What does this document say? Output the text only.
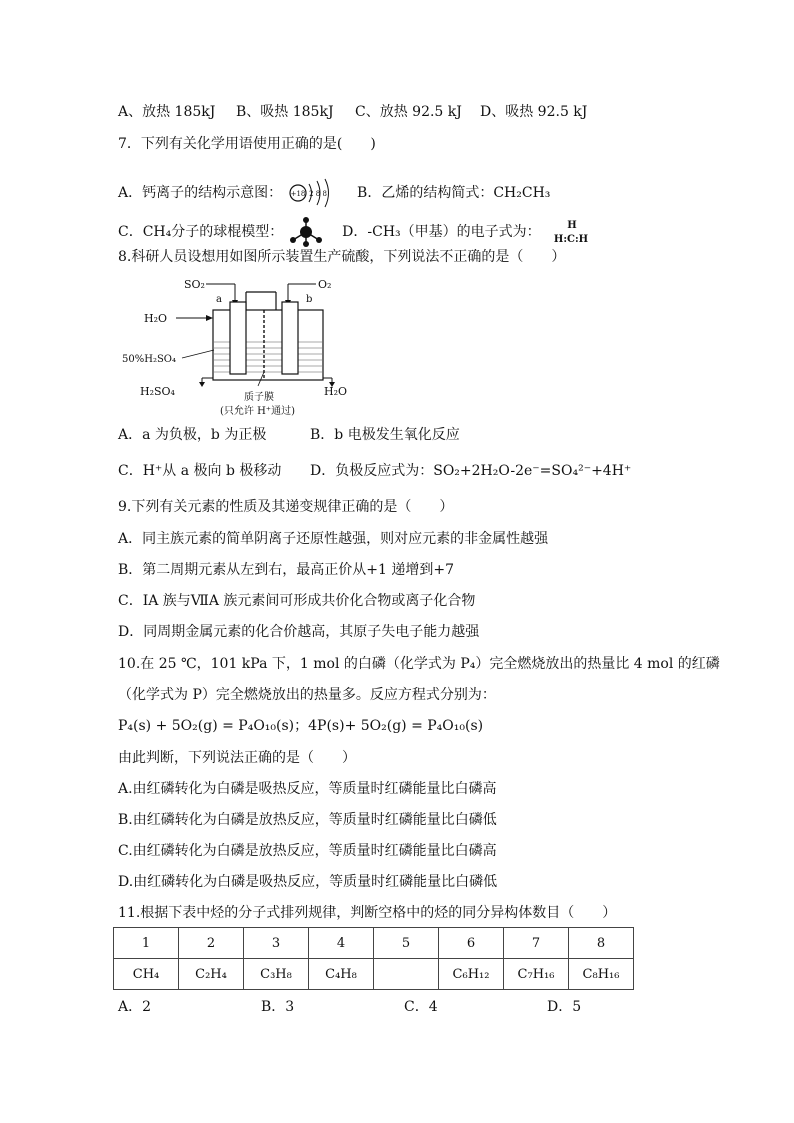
A、放热 185kJ B、吸热 185kJ C、放热 92.5 kJ D、吸热 92.5 kJ
7．下列有关化学用语使用正确的是(　　)
A．钙离子的结构示意图： +18 2 8 8 B．乙烯的结构简式：CH₂CH₃
C．CH₄分子的球棍模型：	D．-CH₃（甲基）的电子式为：	H
H:C:H
8.科研人员设想用如图所示装置生产硫酸，下列说法不正确的是（　　）
SO₂
a	b
O₂
H₂O
50%H₂SO₄
H₂SO₄	H₂O
质子膜
(只允许 H⁺通过)
A．a 为负极，b 为正极	B．b 电极发生氧化反应
C．H⁺从 a 极向 b 极移动 D．负极反应式为：SO₂+2H₂O-2e⁻=SO₄²⁻+4H⁺
9.下列有关元素的性质及其递变规律正确的是（　　）
A．同主族元素的简单阴离子还原性越强，则对应元素的非金属性越强
B．第二周期元素从左到右，最高正价从+1 递增到+7
C．IA 族与ⅦA 族元素间可形成共价化合物或离子化合物
D．同周期金属元素的化合价越高，其原子失电子能力越强
10.在 25 ℃，101 kPa 下，1 mol 的白磷（化学式为 P₄）完全燃烧放出的热量比 4 mol 的红磷
（化学式为 P）完全燃烧放出的热量多。反应方程式分别为：
P₄(s) + 5O₂(g) = P₄O₁₀(s)；4P(s)+ 5O₂(g) = P₄O₁₀(s)
由此判断，下列说法正确的是（　　）
A.由红磷转化为白磷是吸热反应，等质量时红磷能量比白磷高
B.由红磷转化为白磷是放热反应，等质量时红磷能量比白磷低
C.由红磷转化为白磷是放热反应，等质量时红磷能量比白磷高
D.由红磷转化为白磷是吸热反应，等质量时红磷能量比白磷低
11.根据下表中烃的分子式排列规律，判断空格中的烃的同分异构体数目（　　）
1	2	3	4	5	6	7	8
CH₄	C₂H₄	C₃H₈	C₄H₈		C₆H₁₂	C₇H₁₆	C₈H₁₆
A．2	B．3	C．4	D．5
